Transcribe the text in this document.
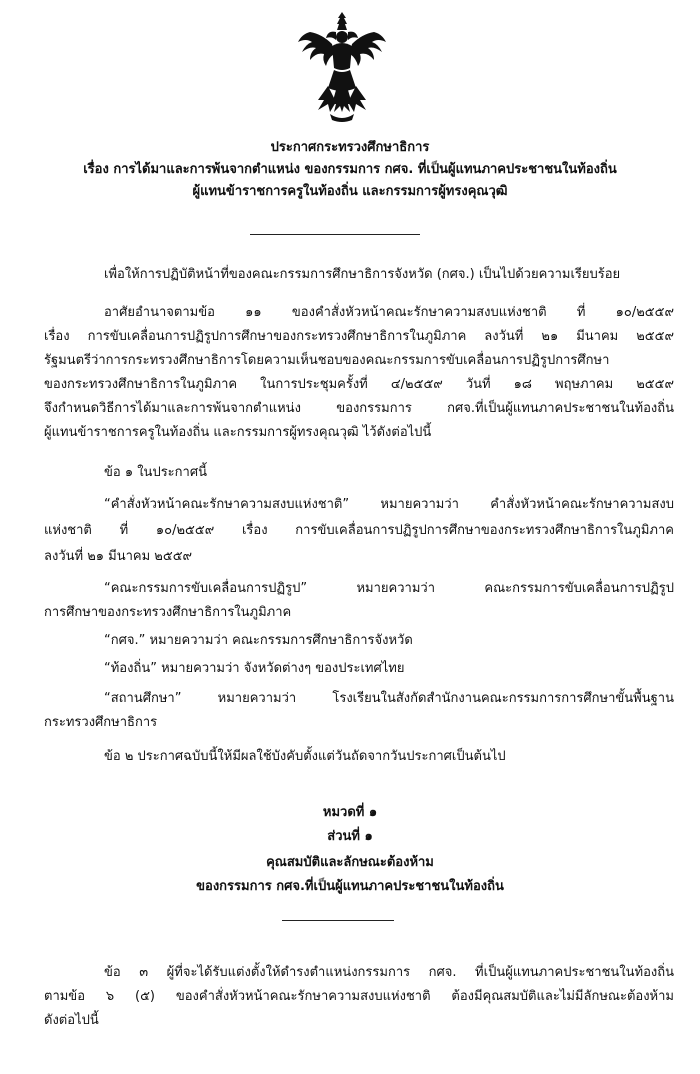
ประกาศกระทรวงศึกษาธิการ
เรื่อง การได้มาและการพ้นจากตำแหน่ง ของกรรมการ กศจ. ที่เป็นผู้แทนภาคประชาชนในท้องถิ่น
ผู้แทนข้าราชการครูในท้องถิ่น และกรรมการผู้ทรงคุณวุฒิ
เพื่อให้การปฏิบัติหน้าที่ของคณะกรรมการศึกษาธิการจังหวัด (กศจ.) เป็นไปด้วยความเรียบร้อย
อาศัยอำนาจตามข้อ ๑๑ ของคำสั่งหัวหน้าคณะรักษาความสงบแห่งชาติ ที่ ๑๐/๒๕๕๙
เรื่อง การขับเคลื่อนการปฏิรูปการศึกษาของกระทรวงศึกษาธิการในภูมิภาค ลงวันที่ ๒๑ มีนาคม ๒๕๕๙
รัฐมนตรีว่าการกระทรวงศึกษาธิการโดยความเห็นชอบของคณะกรรมการขับเคลื่อนการปฏิรูปการศึกษา
ของกระทรวงศึกษาธิการในภูมิภาค ในการประชุมครั้งที่ ๔/๒๕๕๙ วันที่ ๑๘ พฤษภาคม ๒๕๕๙
จึงกำหนดวิธีการได้มาและการพ้นจากตำแหน่ง ของกรรมการ กศจ.ที่เป็นผู้แทนภาคประชาชนในท้องถิ่น
ผู้แทนข้าราชการครูในท้องถิ่น และกรรมการผู้ทรงคุณวุฒิ ไว้ดังต่อไปนี้
ข้อ ๑ ในประกาศนี้
“คำสั่งหัวหน้าคณะรักษาความสงบแห่งชาติ” หมายความว่า คำสั่งหัวหน้าคณะรักษาความสงบ
แห่งชาติ ที่ ๑๐/๒๕๕๙ เรื่อง การขับเคลื่อนการปฏิรูปการศึกษาของกระทรวงศึกษาธิการในภูมิภาค
ลงวันที่ ๒๑ มีนาคม ๒๕๕๙
“คณะกรรมการขับเคลื่อนการปฏิรูป” หมายความว่า คณะกรรมการขับเคลื่อนการปฏิรูป
การศึกษาของกระทรวงศึกษาธิการในภูมิภาค
“กศจ.” หมายความว่า คณะกรรมการศึกษาธิการจังหวัด
“ท้องถิ่น” หมายความว่า จังหวัดต่างๆ ของประเทศไทย
“สถานศึกษา” หมายความว่า โรงเรียนในสังกัดสำนักงานคณะกรรมการการศึกษาขั้นพื้นฐาน
กระทรวงศึกษาธิการ
ข้อ ๒ ประกาศฉบับนี้ให้มีผลใช้บังคับตั้งแต่วันถัดจากวันประกาศเป็นต้นไป
หมวดที่ ๑
ส่วนที่ ๑
คุณสมบัติและลักษณะต้องห้าม
ของกรรมการ กศจ.ที่เป็นผู้แทนภาคประชาชนในท้องถิ่น
ข้อ ๓ ผู้ที่จะได้รับแต่งตั้งให้ดำรงตำแหน่งกรรมการ กศจ. ที่เป็นผู้แทนภาคประชาชนในท้องถิ่น
ตามข้อ ๖ (๕) ของคำสั่งหัวหน้าคณะรักษาความสงบแห่งชาติ ต้องมีคุณสมบัติและไม่มีลักษณะต้องห้าม
ดังต่อไปนี้
